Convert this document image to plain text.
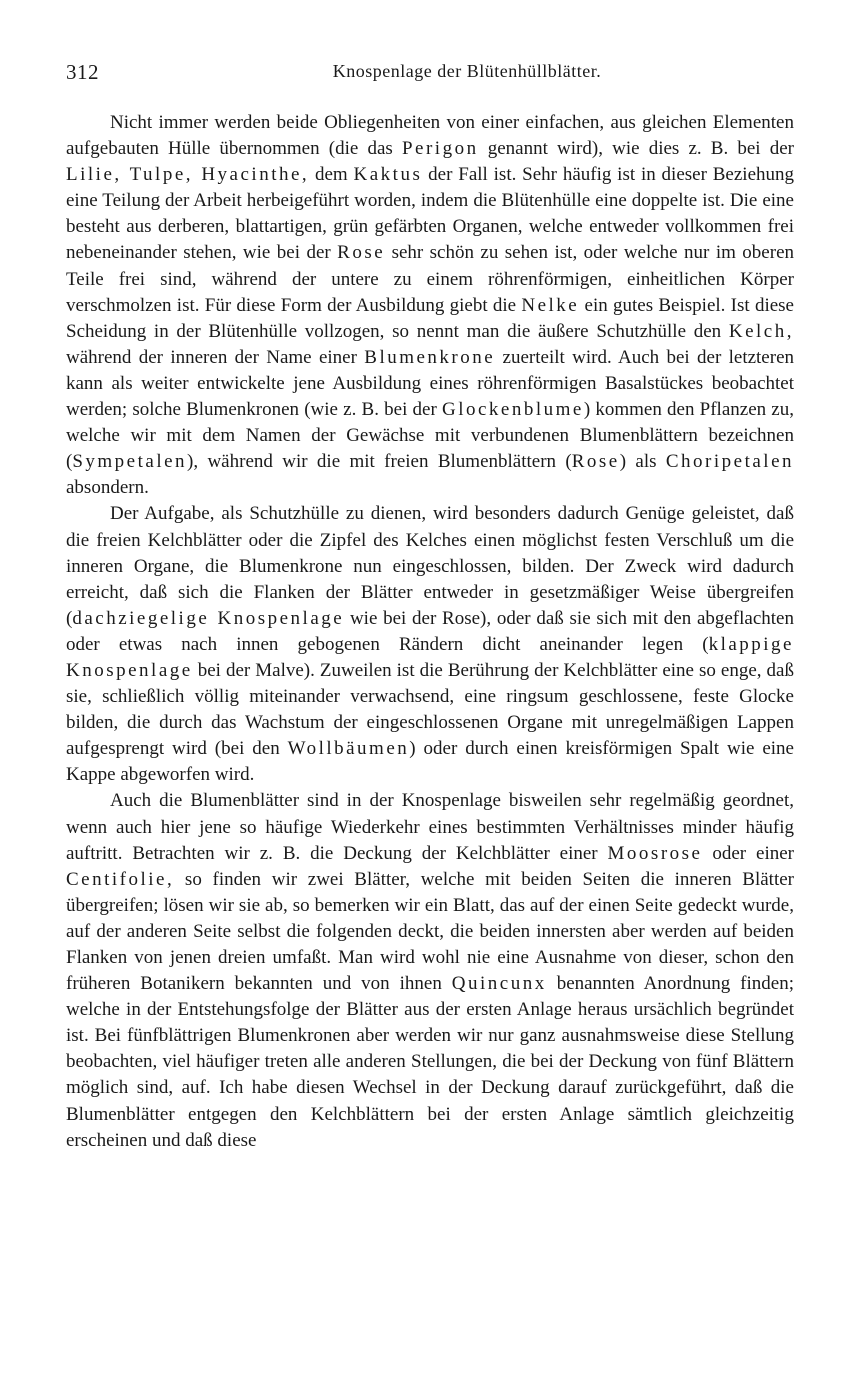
312	Knospenlage der Blütenhüllblätter.

Nicht immer werden beide Obliegenheiten von einer einfachen, aus gleichen Elementen aufgebauten Hülle übernommen (die das Perigon genannt wird), wie dies z. B. bei der Lilie, Tulpe, Hyacinthe, dem Kaktus der Fall ist. Sehr häufig ist in dieser Beziehung eine Teilung der Arbeit herbeigeführt worden, indem die Blütenhülle eine doppelte ist. Die eine besteht aus derberen, blattartigen, grün gefärbten Organen, welche entweder vollkommen frei nebeneinander stehen, wie bei der Rose sehr schön zu sehen ist, oder welche nur im oberen Teile frei sind, während der untere zu einem röhrenförmigen, einheitlichen Körper verschmolzen ist. Für diese Form der Ausbildung giebt die Nelke ein gutes Beispiel. Ist diese Scheidung in der Blütenhülle vollzogen, so nennt man die äußere Schutzhülle den Kelch, während der inneren der Name einer Blumenkrone zuerteilt wird. Auch bei der letzteren kann als weiter entwickelte jene Ausbildung eines röhrenförmigen Basalstückes beobachtet werden; solche Blumenkronen (wie z. B. bei der Glockenblume) kommen den Pflanzen zu, welche wir mit dem Namen der Gewächse mit verbundenen Blumenblättern bezeichnen (Sympetalen), während wir die mit freien Blumenblättern (Rose) als Choripetalen absondern.

Der Aufgabe, als Schutzhülle zu dienen, wird besonders dadurch Genüge geleistet, daß die freien Kelchblätter oder die Zipfel des Kelches einen möglichst festen Verschluß um die inneren Organe, die Blumenkrone nun eingeschlossen, bilden. Der Zweck wird dadurch erreicht, daß sich die Flanken der Blätter entweder in gesetzmäßiger Weise übergreifen (dachziegelige Knospenlage wie bei der Rose), oder daß sie sich mit den abgeflachten oder etwas nach innen gebogenen Rändern dicht aneinander legen (klappige Knospenlage bei der Malve). Zuweilen ist die Berührung der Kelchblätter eine so enge, daß sie, schließlich völlig miteinander verwachsend, eine ringsum geschlossene, feste Glocke bilden, die durch das Wachstum der eingeschlossenen Organe mit unregelmäßigen Lappen aufgesprengt wird (bei den Wollbäumen) oder durch einen kreisförmigen Spalt wie eine Kappe abgeworfen wird.

Auch die Blumenblätter sind in der Knospenlage bisweilen sehr regelmäßig geordnet, wenn auch hier jene so häufige Wiederkehr eines bestimmten Verhältnisses minder häufig auftritt. Betrachten wir z. B. die Deckung der Kelchblätter einer Moosrose oder einer Centifolie, so finden wir zwei Blätter, welche mit beiden Seiten die inneren Blätter übergreifen; lösen wir sie ab, so bemerken wir ein Blatt, das auf der einen Seite gedeckt wurde, auf der anderen Seite selbst die folgenden deckt, die beiden innersten aber werden auf beiden Flanken von jenen dreien umfaßt. Man wird wohl nie eine Ausnahme von dieser, schon den früheren Botanikern bekannten und von ihnen Quincunx benannten Anordnung finden; welche in der Entstehungsfolge der Blätter aus der ersten Anlage heraus ursächlich begründet ist. Bei fünfblättrigen Blumenkronen aber werden wir nur ganz ausnahmsweise diese Stellung beobachten, viel häufiger treten alle anderen Stellungen, die bei der Deckung von fünf Blättern möglich sind, auf. Ich habe diesen Wechsel in der Deckung darauf zurückgeführt, daß die Blumenblätter entgegen den Kelchblättern bei der ersten Anlage sämtlich gleichzeitig erscheinen und daß diese
